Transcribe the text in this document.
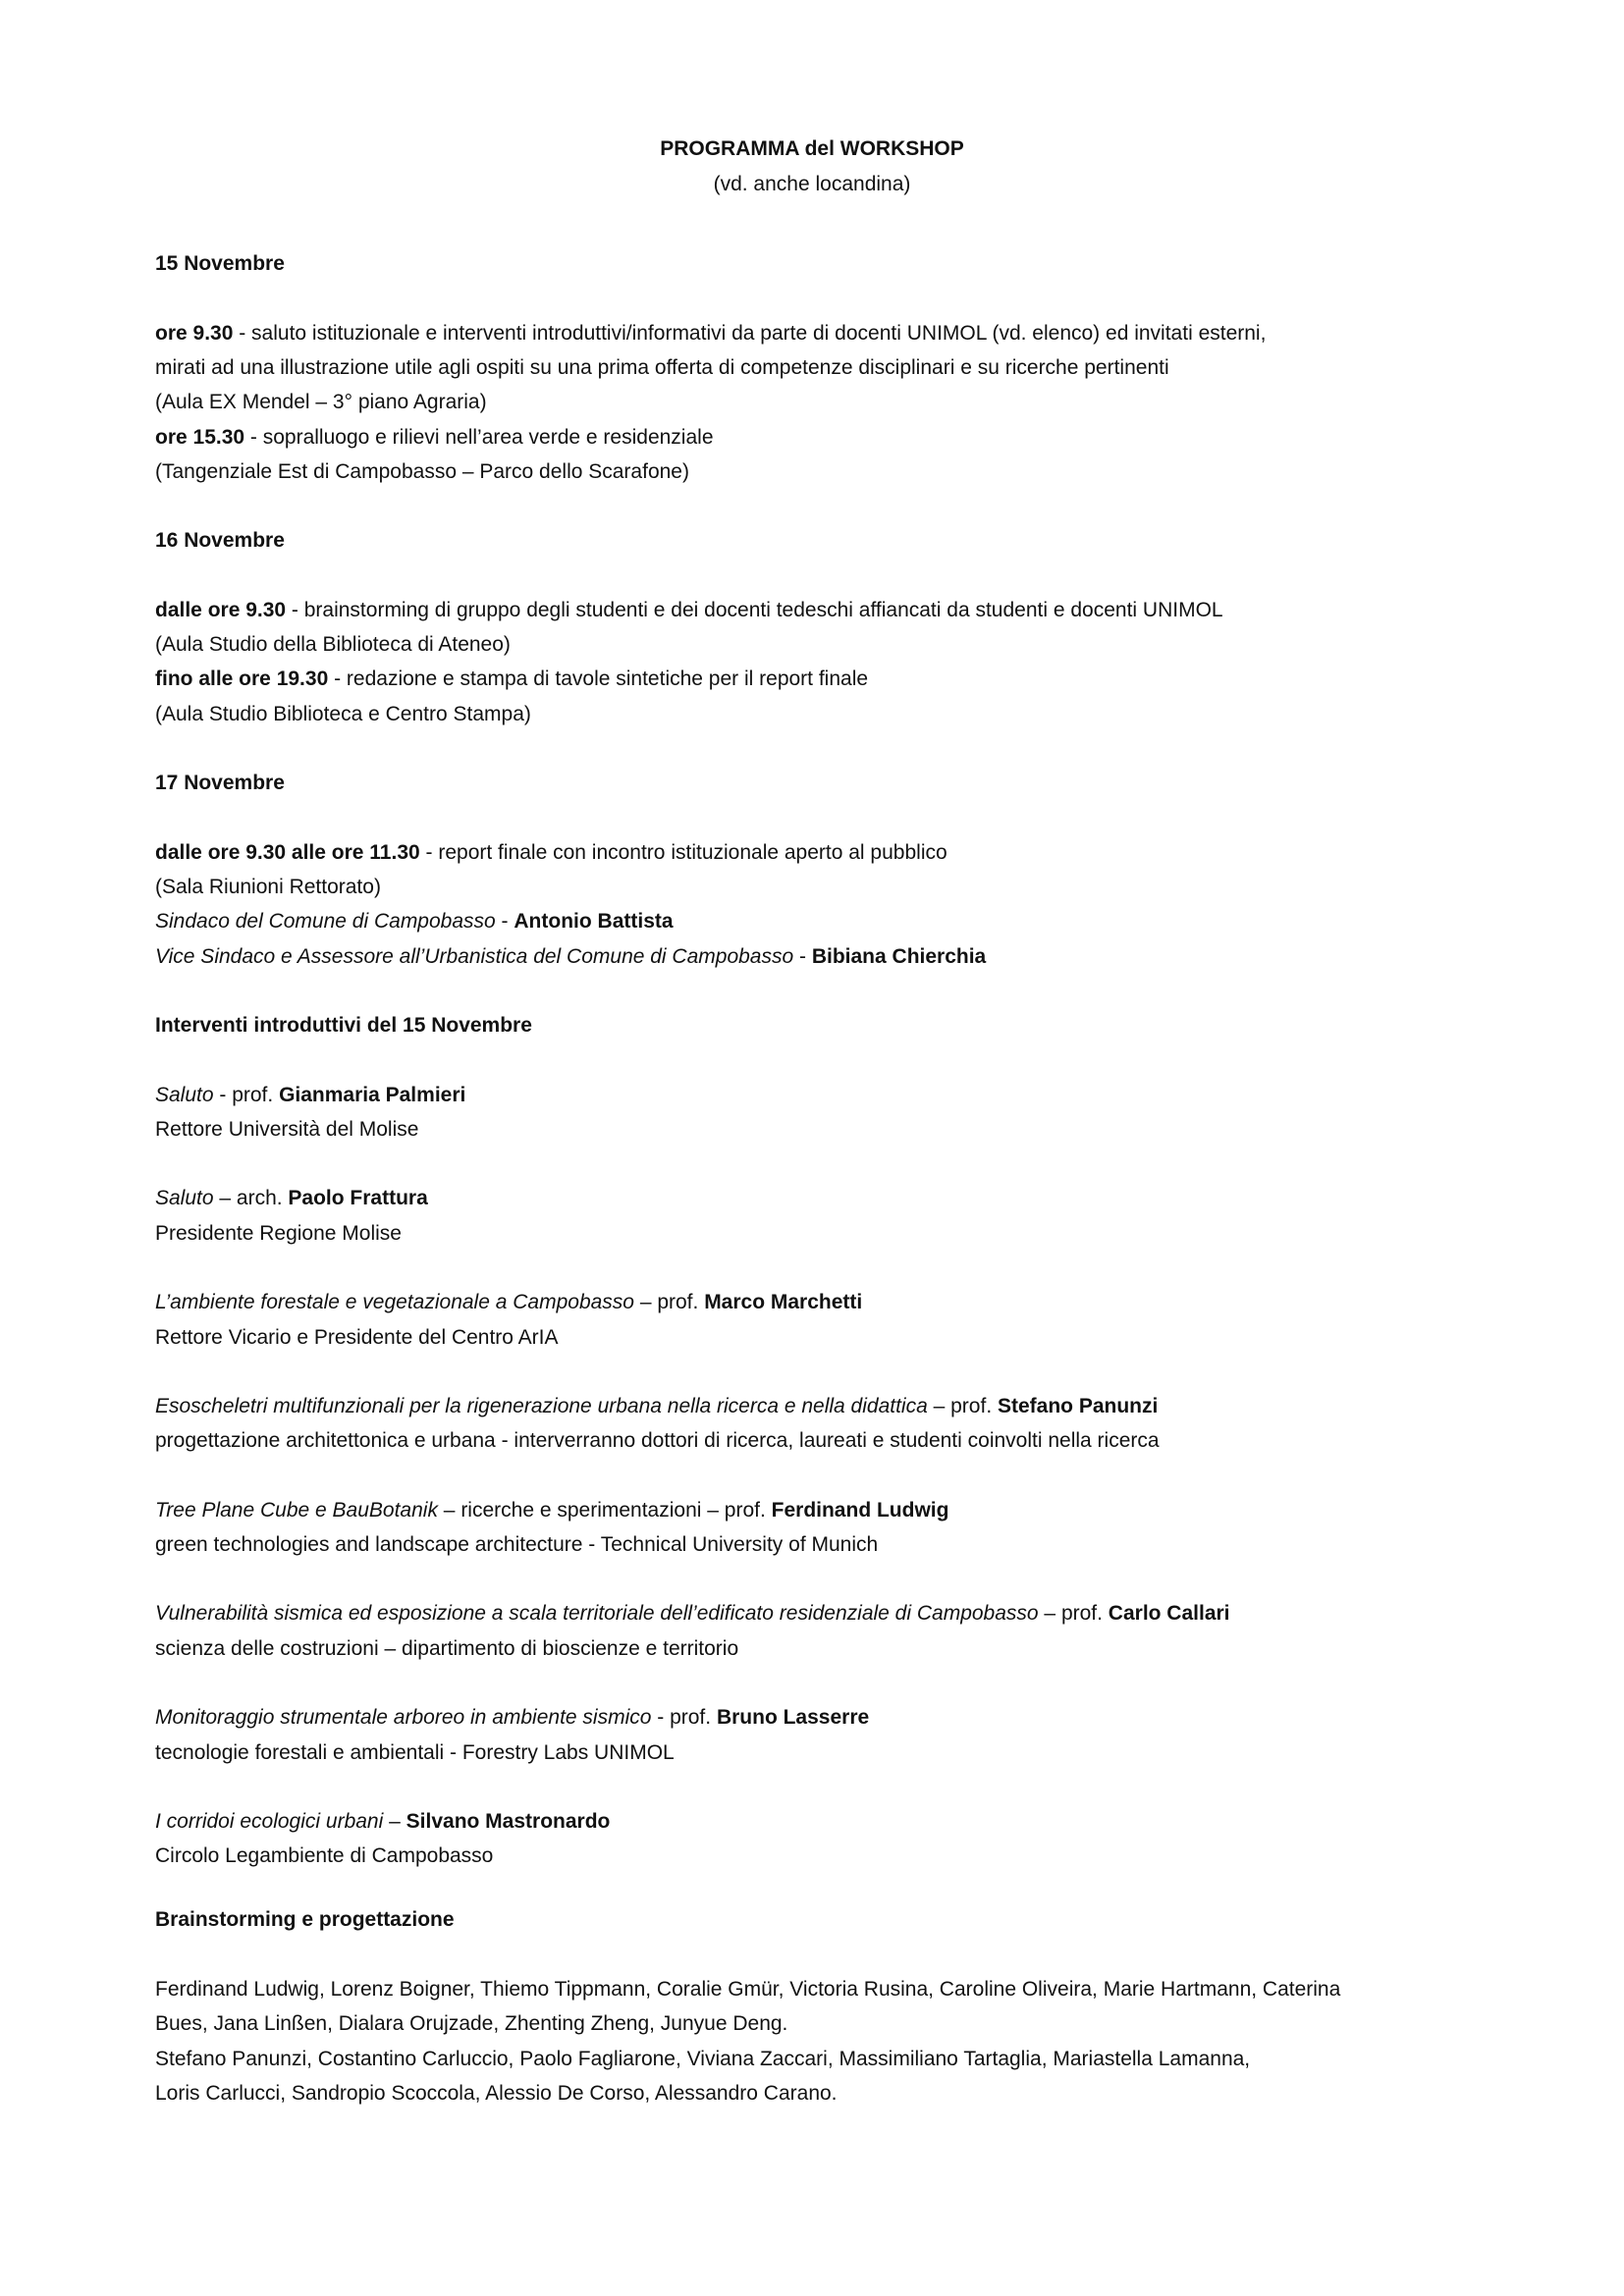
PROGRAMMA del WORKSHOP
(vd. anche locandina)
15 Novembre
ore 9.30 - saluto istituzionale e interventi introduttivi/informativi da parte di docenti UNIMOL (vd. elenco) ed invitati esterni,
mirati ad una illustrazione utile agli ospiti su una prima offerta di competenze disciplinari e su ricerche pertinenti
(Aula EX Mendel – 3° piano Agraria)
ore 15.30 - sopralluogo e rilievi nell’area verde e residenziale
(Tangenziale Est di Campobasso – Parco dello Scarafone)
16 Novembre
dalle ore 9.30 - brainstorming di gruppo degli studenti e dei docenti tedeschi affiancati da studenti e docenti UNIMOL
(Aula Studio della Biblioteca di Ateneo)
fino alle ore 19.30 - redazione e stampa di tavole sintetiche per il report finale
(Aula Studio Biblioteca e Centro Stampa)
17 Novembre
dalle ore 9.30 alle ore 11.30 - report finale con incontro istituzionale aperto al pubblico
(Sala Riunioni Rettorato)
Sindaco del Comune di Campobasso - Antonio Battista
Vice Sindaco e Assessore all’Urbanistica del Comune di Campobasso - Bibiana Chierchia
Interventi introduttivi del 15 Novembre
Saluto - prof. Gianmaria Palmieri
Rettore Università del Molise
Saluto – arch. Paolo Frattura
Presidente Regione Molise
L’ambiente forestale e vegetazionale a Campobasso – prof. Marco Marchetti
Rettore Vicario e Presidente del Centro ArIA
Esoscheletri multifunzionali per la rigenerazione urbana nella ricerca e nella didattica – prof. Stefano Panunzi
progettazione architettonica e urbana - interverranno dottori di ricerca, laureati e studenti coinvolti nella ricerca
Tree Plane Cube e BauBotanik – ricerche e sperimentazioni – prof. Ferdinand Ludwig
green technologies and landscape architecture - Technical University of Munich
Vulnerabilità sismica ed esposizione a scala territoriale dell’edificato residenziale di Campobasso – prof. Carlo Callari
scienza delle costruzioni – dipartimento di bioscienze e territorio
Monitoraggio strumentale arboreo in ambiente sismico - prof. Bruno Lasserre
tecnologie forestali e ambientali - Forestry Labs UNIMOL
I corridoi ecologici urbani – Silvano Mastronardo
Circolo Legambiente di Campobasso
Brainstorming e progettazione
Ferdinand Ludwig, Lorenz Boigner, Thiemo Tippmann, Coralie Gmür, Victoria Rusina, Caroline Oliveira, Marie Hartmann, Caterina
Bues, Jana Linßen, Dialara Orujzade, Zhenting Zheng, Junyue Deng.
Stefano Panunzi, Costantino Carluccio, Paolo Fagliarone, Viviana Zaccari, Massimiliano Tartaglia, Mariastella Lamanna,
Loris Carlucci, Sandropio Scoccola, Alessio De Corso, Alessandro Carano.
